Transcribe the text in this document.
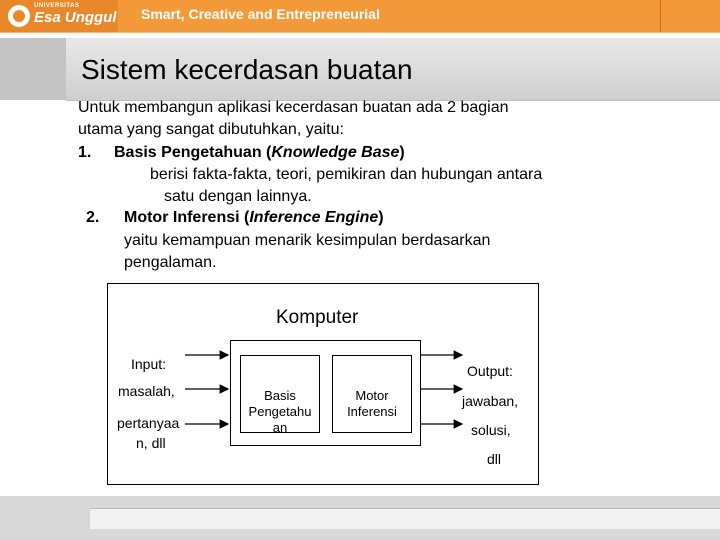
UNIVERSITAS
Esa Unggul Smart, Creative and Entrepreneurial
Sistem kecerdasan buatan
Untuk membangun aplikasi kecerdasan buatan ada 2 bagian
utama yang sangat dibutuhkan, yaitu:
1. Basis Pengetahuan (Knowledge Base)
berisi fakta-fakta, teori, pemikiran dan hubungan antara
satu dengan lainnya.
2. Motor Inferensi (Inference Engine)
yaitu kemampuan menarik kesimpulan berdasarkan
pengalaman.
Komputer
Input:
masalah,
pertanyaa
n, dll
Basis
Pengetahu
an
Motor
Inferensi
Output:
jawaban,
solusi,
dll
